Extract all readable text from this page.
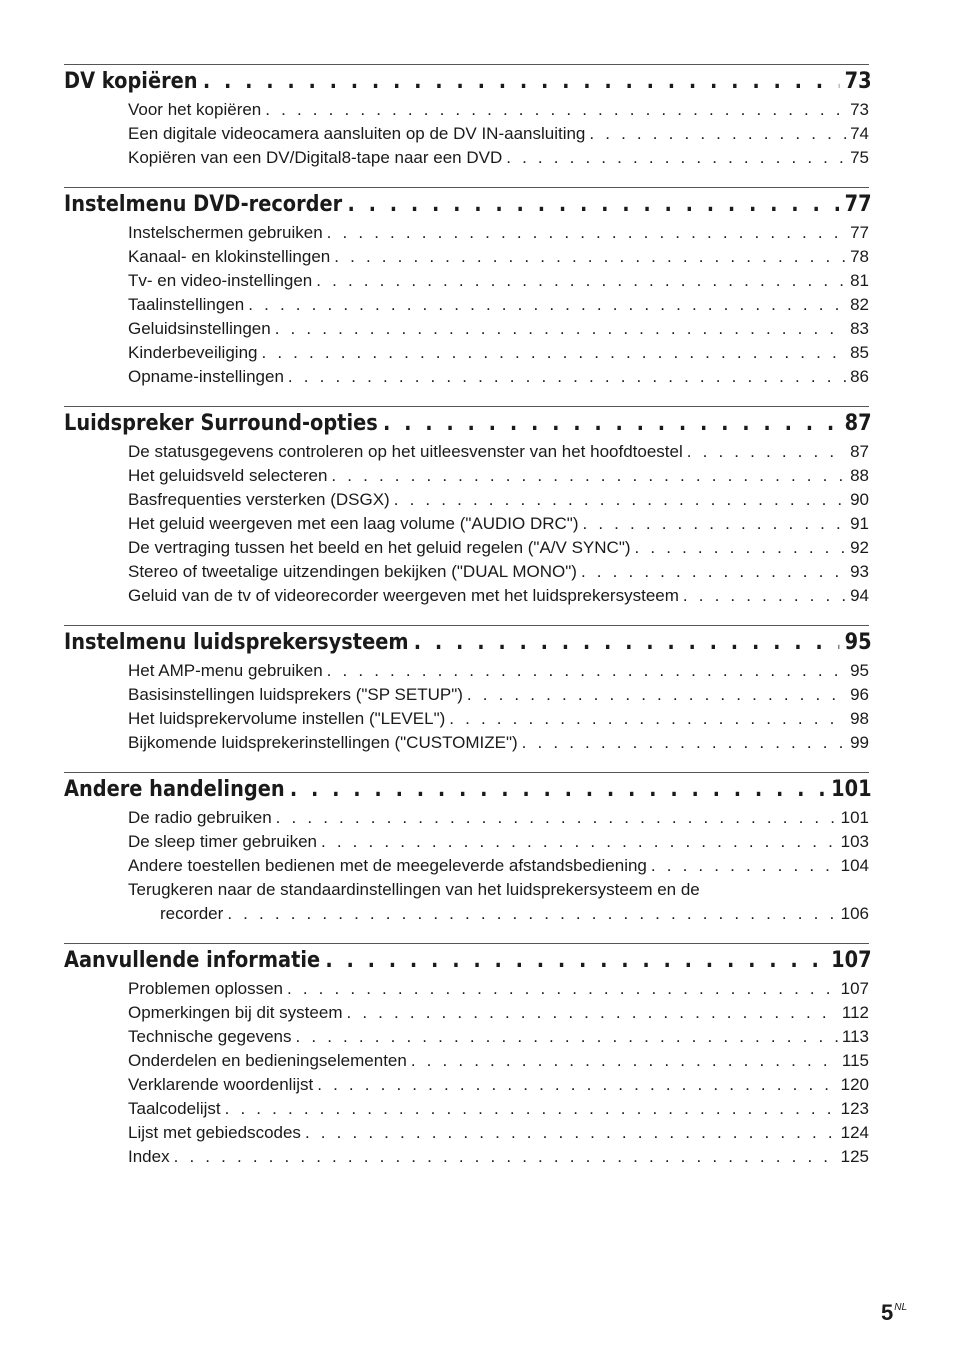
DV kopiëren . . .	73
Voor het kopiëren . . .	73
Een digitale videocamera aansluiten op de DV IN-aansluiting . . .	74
Kopiëren van een DV/Digital8-tape naar een DVD . . .	75
Instelmenu DVD-recorder . . .	77
Instelschermen gebruiken . . .	77
Kanaal- en klokinstellingen . . .	78
Tv- en video-instellingen . . .	81
Taalinstellingen . . .	82
Geluidsinstellingen . . .	83
Kinderbeveiliging . . .	85
Opname-instellingen . . .	86
Luidspreker Surround-opties . . .	87
De statusgegevens controleren op het uitleesvenster van het hoofdtoestel . . .	87
Het geluidsveld selecteren . . .	88
Basfrequenties versterken (DSGX) . . .	90
Het geluid weergeven met een laag volume ("AUDIO DRC") . . .	91
De vertraging tussen het beeld en het geluid regelen ("A/V SYNC") . . .	92
Stereo of tweetalige uitzendingen bekijken ("DUAL MONO") . . .	93
Geluid van de tv of videorecorder weergeven met het luidsprekersysteem . . .	94
Instelmenu luidsprekersysteem . . .	95
Het AMP-menu gebruiken . . .	95
Basisinstellingen luidsprekers ("SP SETUP") . . .	96
Het luidsprekervolume instellen ("LEVEL") . . .	98
Bijkomende luidsprekerinstellingen ("CUSTOMIZE") . . .	99
Andere handelingen . . .	101
De radio gebruiken . . .	101
De sleep timer gebruiken . . .	103
Andere toestellen bedienen met de meegeleverde afstandsbediening . . .	104
Terugkeren naar de standaardinstellingen van het luidsprekersysteem en de
recorder . . .	106
Aanvullende informatie . . .	107
Problemen oplossen . . .	107
Opmerkingen bij dit systeem . . .	112
Technische gegevens . . .	113
Onderdelen en bedieningselementen . . .	115
Verklarende woordenlijst . . .	120
Taalcodelijst . . .	123
Lijst met gebiedscodes . . .	124
Index . . .	125
$5^{NL}$
